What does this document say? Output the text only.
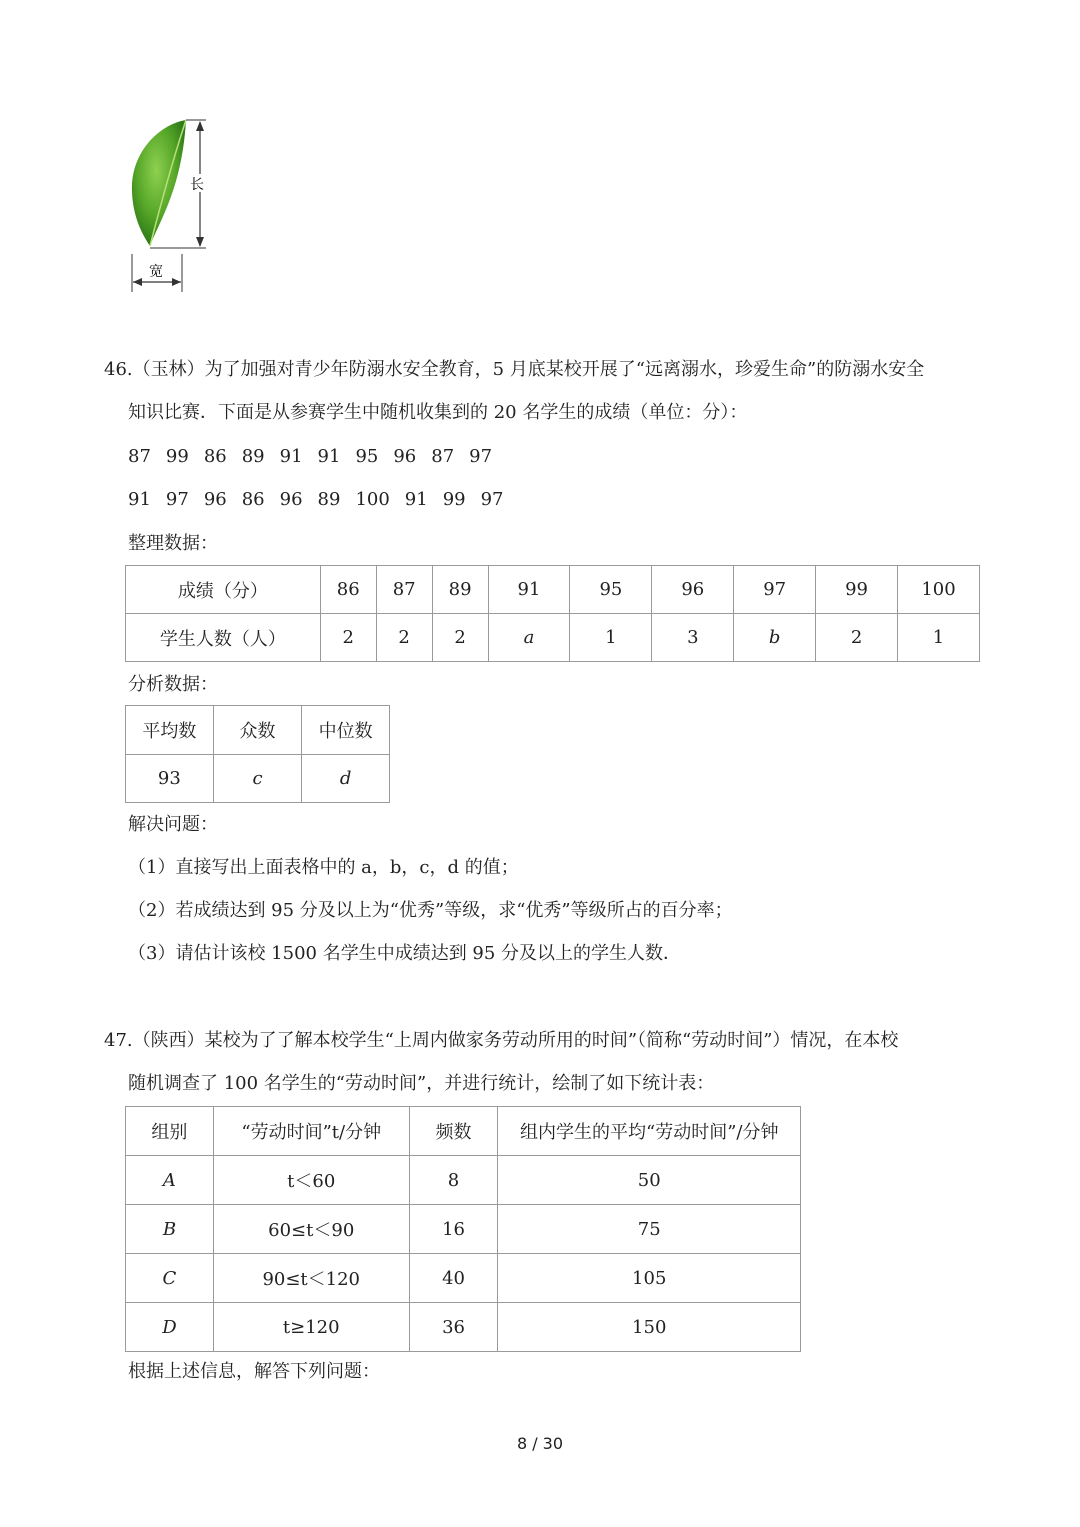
长
宽
46.（玉林）为了加强对青少年防溺水安全教育，5 月底某校开展了“远离溺水，珍爱生命”的防溺水安全
知识比赛．下面是从参赛学生中随机收集到的 20 名学生的成绩（单位：分）：
87 99 86 89 91 91 95 96 87 97
91 97 96 86 96 89 100 91 99 97
整理数据：
成绩（分）	86	87	89	91	95	96	97	99	100
学生人数（人）	2	2	2	a	1	3	b	2	1
分析数据：
平均数	众数	中位数
93	c	d
解决问题：
（1）直接写出上面表格中的 a，b，c，d 的值；
（2）若成绩达到 95 分及以上为“优秀”等级，求“优秀”等级所占的百分率；
（3）请估计该校 1500 名学生中成绩达到 95 分及以上的学生人数．
47.（陕西）某校为了了解本校学生“上周内做家务劳动所用的时间”（简称“劳动时间”）情况，在本校
随机调查了 100 名学生的“劳动时间”，并进行统计，绘制了如下统计表：
组别	“劳动时间”t/分钟	频数	组内学生的平均“劳动时间”/分钟
A	t＜60	8	50
B	60≤t＜90	16	75
C	90≤t＜120	40	105
D	t≥120	36	150
根据上述信息，解答下列问题：
8 / 30
